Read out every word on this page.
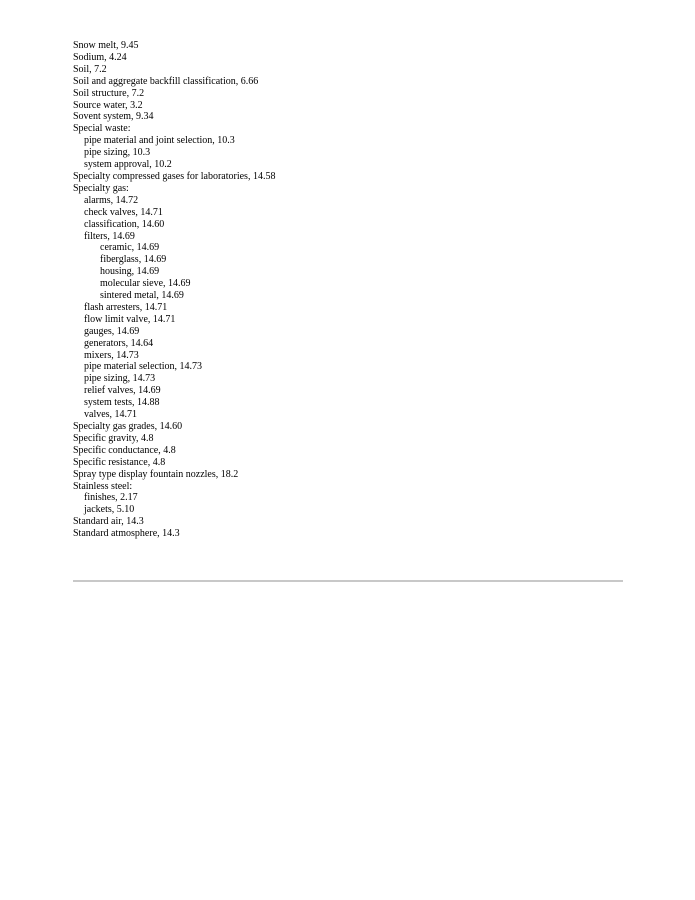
Snow melt, 9.45
Sodium, 4.24
Soil, 7.2
Soil and aggregate backfill classification, 6.66
Soil structure, 7.2
Source water, 3.2
Sovent system, 9.34
Special waste:
pipe material and joint selection, 10.3
pipe sizing, 10.3
system approval, 10.2
Specialty compressed gases for laboratories, 14.58
Specialty gas:
alarms, 14.72
check valves, 14.71
classification, 14.60
filters, 14.69
ceramic, 14.69
fiberglass, 14.69
housing, 14.69
molecular sieve, 14.69
sintered metal, 14.69
flash arresters, 14.71
flow limit valve, 14.71
gauges, 14.69
generators, 14.64
mixers, 14.73
pipe material selection, 14.73
pipe sizing, 14.73
relief valves, 14.69
system tests, 14.88
valves, 14.71
Specialty gas grades, 14.60
Specific gravity, 4.8
Specific conductance, 4.8
Specific resistance, 4.8
Spray type display fountain nozzles, 18.2
Stainless steel:
finishes, 2.17
jackets, 5.10
Standard air, 14.3
Standard atmosphere, 14.3
